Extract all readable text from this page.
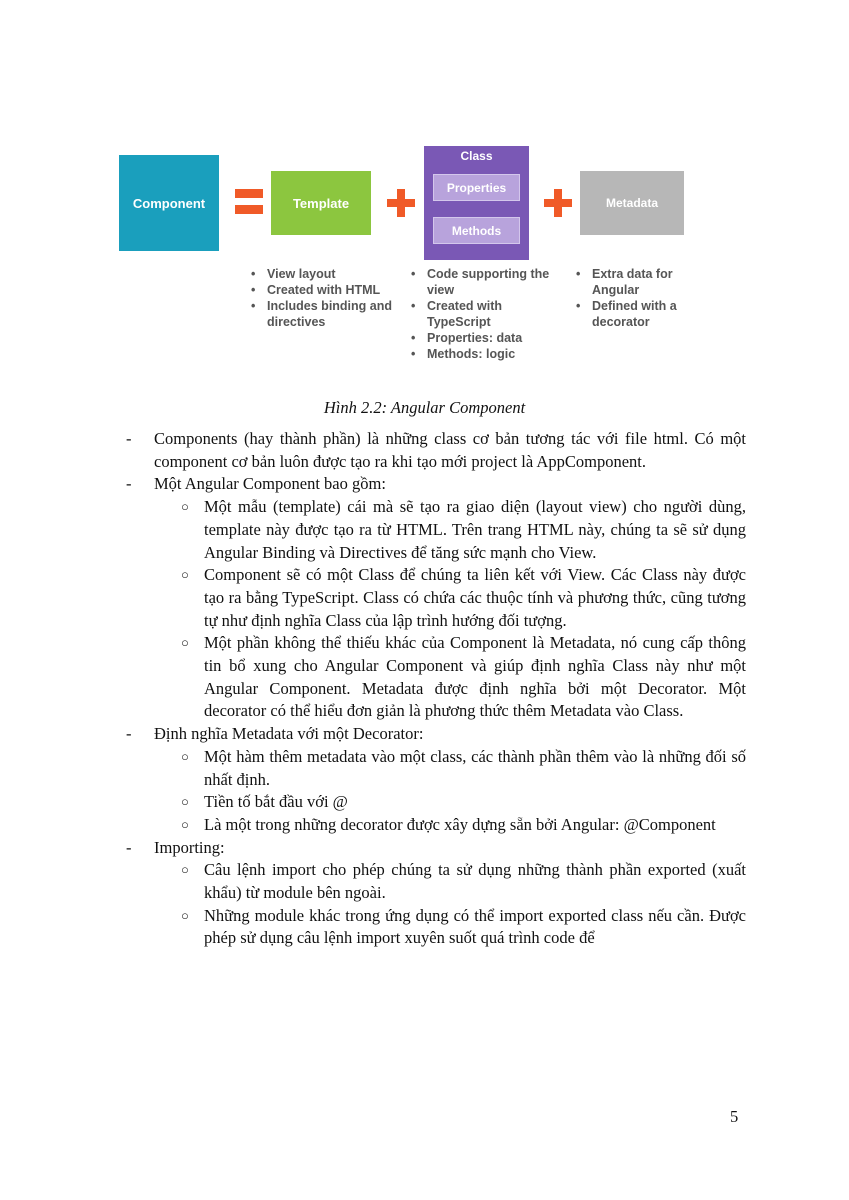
Component	Template
Class
Properties
Methods
Metadata
• View layout
• Created with HTML
• Includes binding and directives
• Code supporting the view
• Created with TypeScript
• Properties: data
• Methods: logic
• Extra data for Angular
• Defined with a decorator
Hình 2.2: Angular Component
- Components (hay thành phần) là những class cơ bản tương tác với file html. Có một component cơ bản luôn được tạo ra khi tạo mới project là AppComponent.

- Một Angular Component bao gồm:

○ Một mẫu (template) cái mà sẽ tạo ra giao diện (layout view) cho người dùng, template này được tạo ra từ HTML. Trên trang HTML này, chúng ta sẽ sử dụng Angular Binding và Directives để tăng sức mạnh cho View.

○ Component sẽ có một Class để chúng ta liên kết với View. Các Class này được tạo ra bằng TypeScript. Class có chứa các thuộc tính và phương thức, cũng tương tự như định nghĩa Class của lập trình hướng đối tượng.

○ Một phần không thể thiếu khác của Component là Metadata, nó cung cấp thông tin bổ xung cho Angular Component và giúp định nghĩa Class này như một Angular Component. Metadata được định nghĩa bởi một Decorator. Một decorator có thể hiểu đơn giản là phương thức thêm Metadata vào Class.

- Định nghĩa Metadata với một Decorator:

○ Một hàm thêm metadata vào một class, các thành phần thêm vào là những đối số nhất định.

○ Tiền tố bắt đầu với @

○ Là một trong những decorator được xây dựng sẵn bởi Angular: @Component

- Importing:

○ Câu lệnh import cho phép chúng ta sử dụng những thành phần exported (xuất khẩu) từ module bên ngoài.

○ Những module khác trong ứng dụng có thể import exported class nếu cần. Được phép sử dụng câu lệnh import xuyên suốt quá trình code để

5
